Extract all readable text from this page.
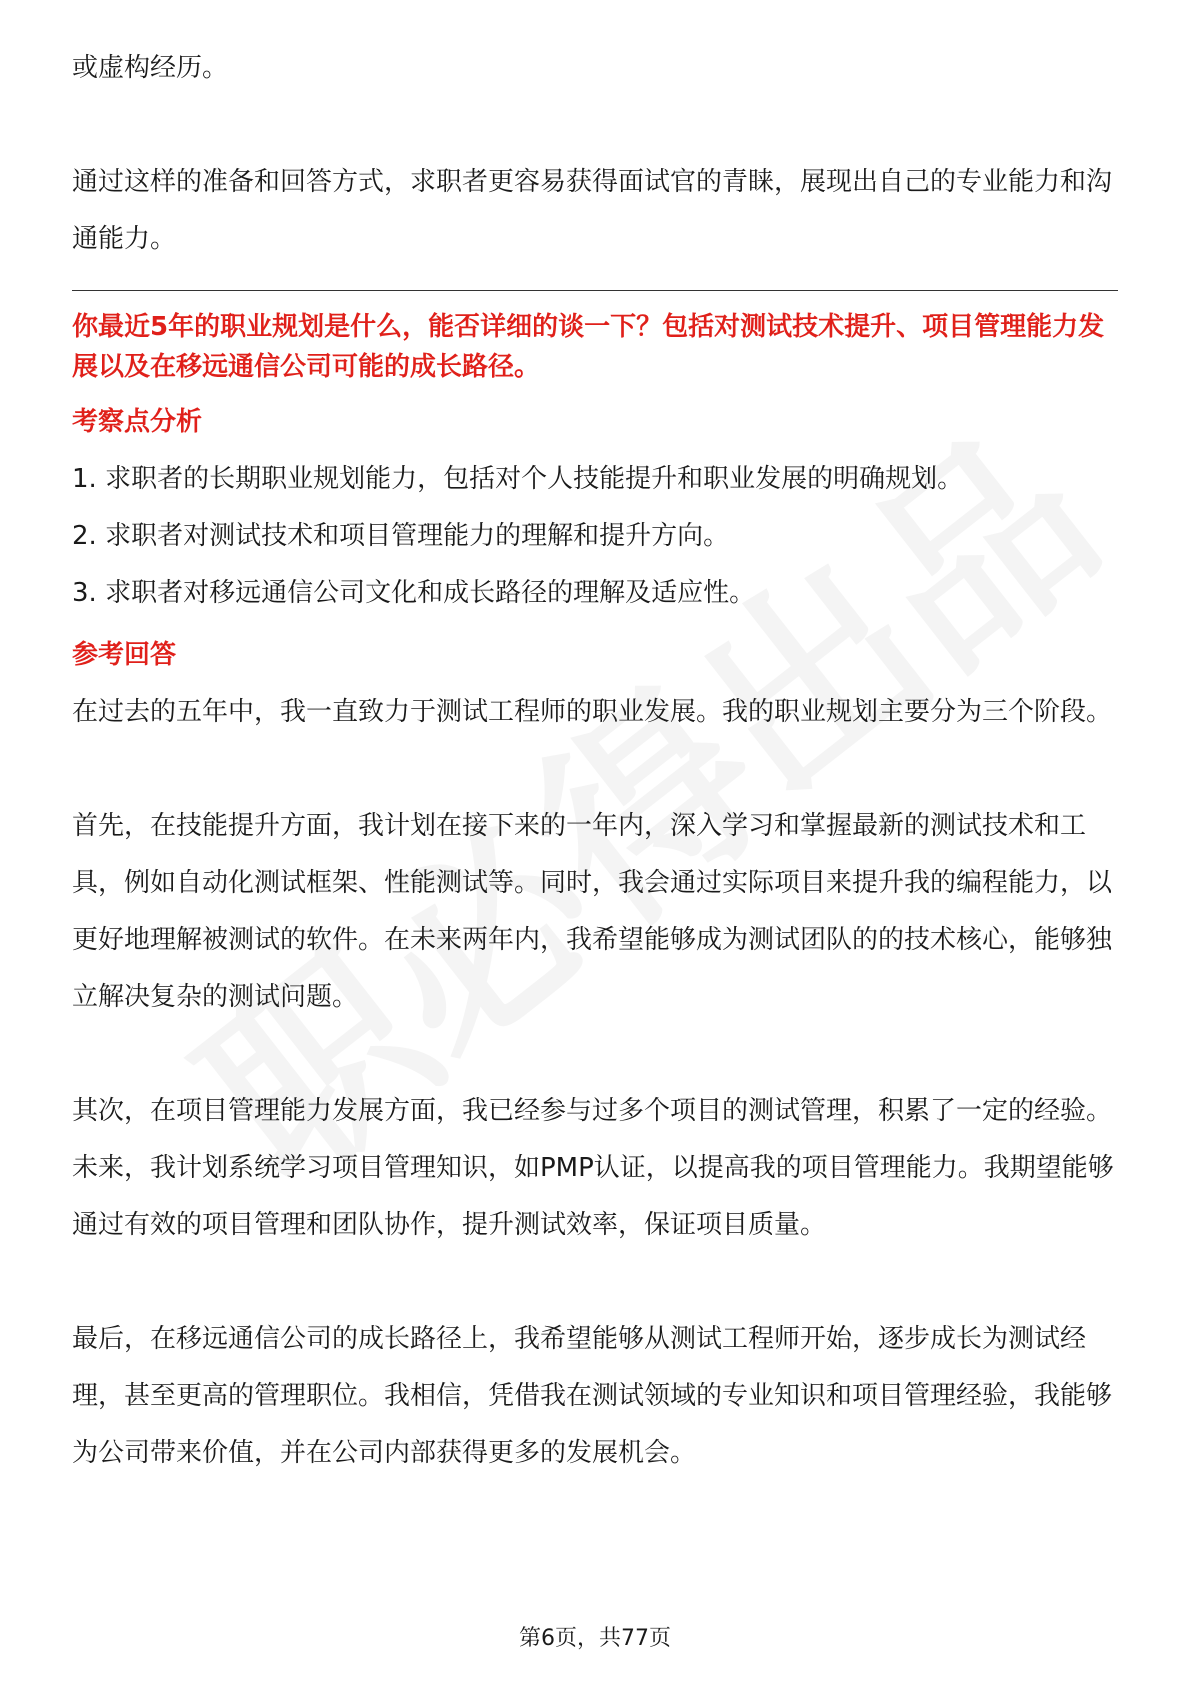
或虚构经历。

通过这样的准备和回答方式，求职者更容易获得面试官的青睐，展现出自己的专业能力和沟通能力。

你最近5年的职业规划是什么，能否详细的谈一下？包括对测试技术提升、项目管理能力发展以及在移远通信公司可能的成长路径。

考察点分析

1. 求职者的长期职业规划能力，包括对个人技能提升和职业发展的明确规划。

2. 求职者对测试技术和项目管理能力的理解和提升方向。

3. 求职者对移远通信公司文化和成长路径的理解及适应性。

参考回答

在过去的五年中，我一直致力于测试工程师的职业发展。我的职业规划主要分为三个阶段。

首先，在技能提升方面，我计划在接下来的一年内，深入学习和掌握最新的测试技术和工具，例如自动化测试框架、性能测试等。同时，我会通过实际项目来提升我的编程能力，以更好地理解被测试的软件。在未来两年内，我希望能够成为测试团队的的技术核心，能够独立解决复杂的测试问题。

其次，在项目管理能力发展方面，我已经参与过多个项目的测试管理，积累了一定的经验。未来，我计划系统学习项目管理知识，如PMP认证，以提高我的项目管理能力。我期望能够通过有效的项目管理和团队协作，提升测试效率，保证项目质量。

最后，在移远通信公司的成长路径上，我希望能够从测试工程师开始，逐步成长为测试经理，甚至更高的管理职位。我相信，凭借我在测试领域的专业知识和项目管理经验，我能够为公司带来价值，并在公司内部获得更多的发展机会。

第6页，共77页
